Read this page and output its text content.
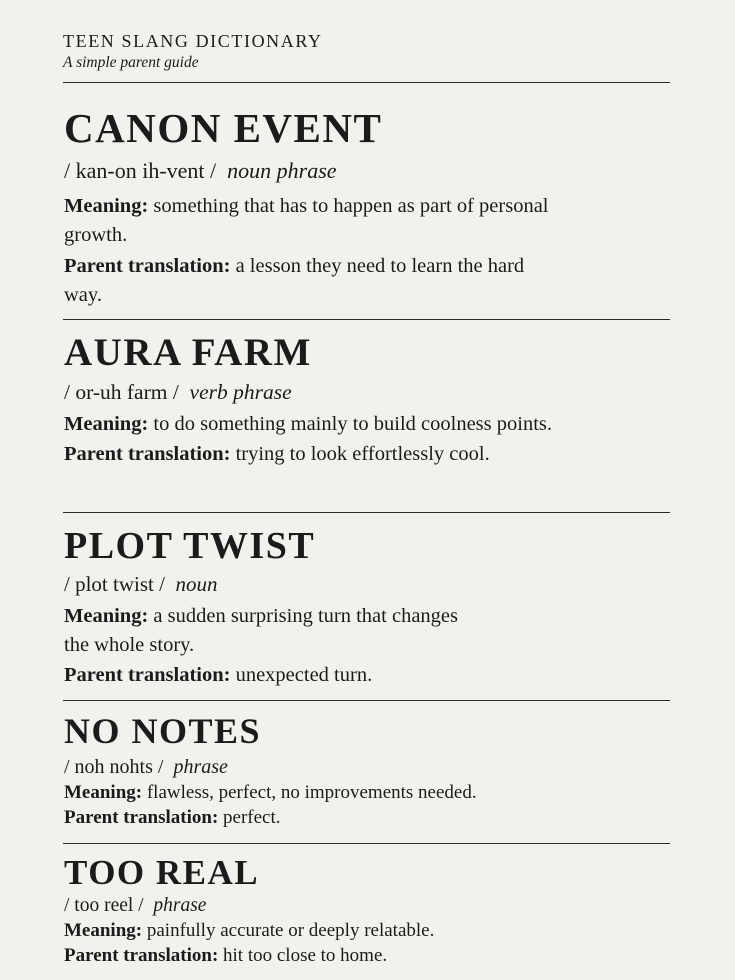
TEEN SLANG DICTIONARY
A simple parent guide
CANON EVENT

/ kan-on ih-vent / noun phrase

Meaning: something that has to happen as part of personal growth.

Parent translation: a lesson they need to learn the hard way.

AURA FARM

/ or-uh farm / verb phrase

Meaning: to do something mainly to build coolness points.

Parent translation: trying to look effortlessly cool.

PLOT TWIST

/ plot twist / noun

Meaning: a sudden surprising turn that changes the whole story.

Parent translation: unexpected turn.

NO NOTES

/ noh nohts / phrase

Meaning: flawless, perfect, no improvements needed.

Parent translation: perfect.

TOO REAL

/ too reel / phrase

Meaning: painfully accurate or deeply relatable.

Parent translation: hit too close to home.
